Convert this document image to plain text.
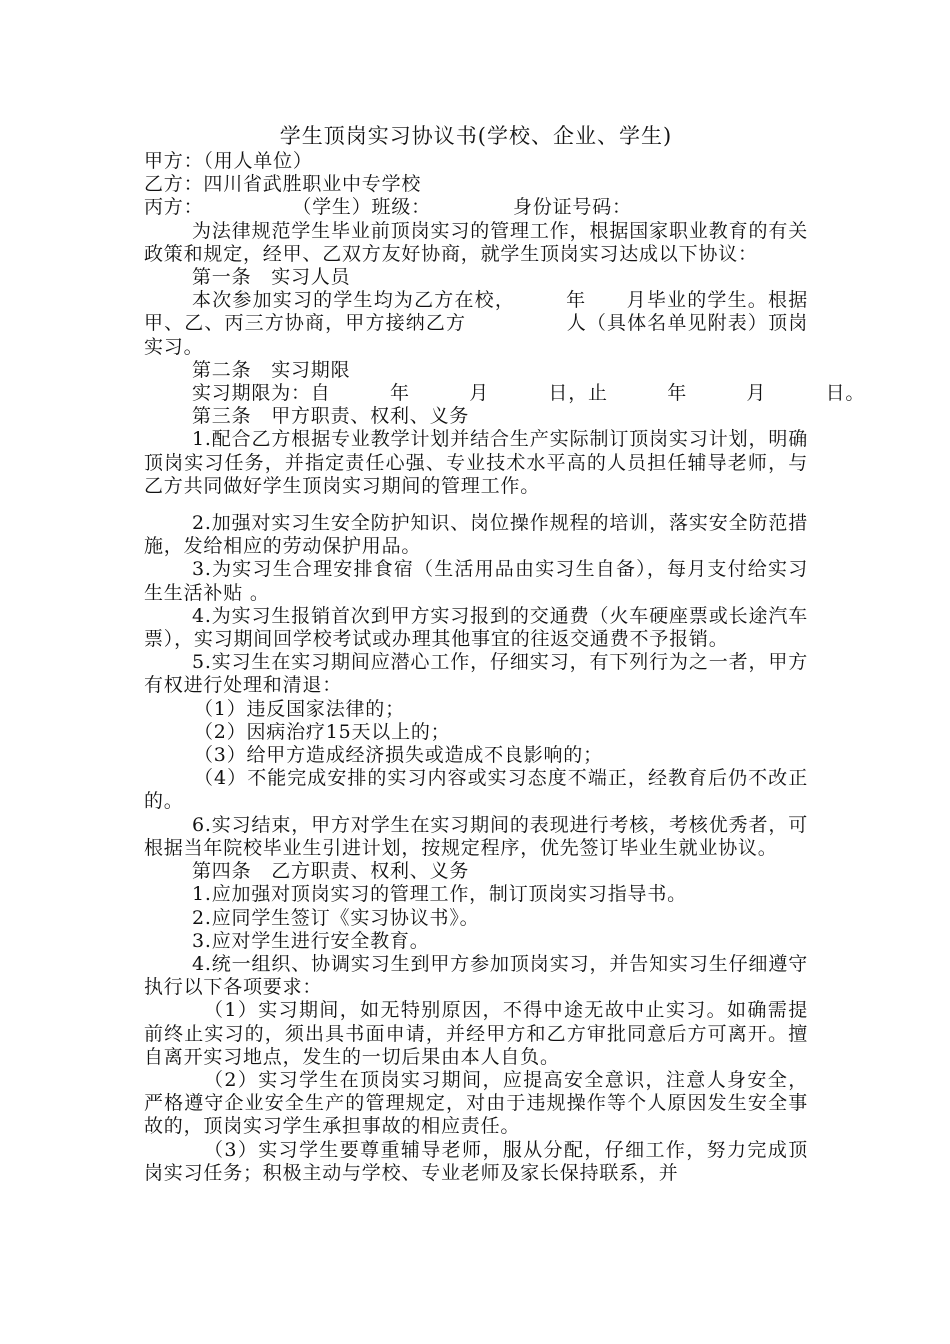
学生顶岗实习协议书(学校、企业、学生)

甲方：（用人单位）

乙方：四川省武胜职业中专学校

丙方：	（学生）班级：	身份证号码：

为法律规范学生毕业前顶岗实习的管理工作，根据国家职业教育的有关政策和规定，经甲、乙双方友好协商，就学生顶岗实习达成以下协议：

第一条　实习人员

本次参加实习的学生均为乙方在校，　　　年　　月毕业的学生。根据甲、乙、丙三方协商，甲方接纳乙方　　　　　人（具体名单见附表）顶岗实习。

第二条　实习期限

实习期限为：自　　　年　　　月　　　日，止　　　年　　　月　　　日。

第三条　甲方职责、权利、义务

1.配合乙方根据专业教学计划并结合生产实际制订顶岗实习计划，明确顶岗实习任务，并指定责任心强、专业技术水平高的人员担任辅导老师，与乙方共同做好学生顶岗实习期间的管理工作。

2.加强对实习生安全防护知识、岗位操作规程的培训，落实安全防范措施，发给相应的劳动保护用品。

3.为实习生合理安排食宿（生活用品由实习生自备），每月支付给实习生生活补贴 。

4.为实习生报销首次到甲方实习报到的交通费（火车硬座票或长途汽车票），实习期间回学校考试或办理其他事宜的往返交通费不予报销。

5.实习生在实习期间应潜心工作，仔细实习，有下列行为之一者，甲方有权进行处理和清退：

（1）违反国家法律的；

（2）因病治疗15天以上的；

（3）给甲方造成经济损失或造成不良影响的；

（4）不能完成安排的实习内容或实习态度不端正，经教育后仍不改正的。

6.实习结束，甲方对学生在实习期间的表现进行考核，考核优秀者，可根据当年院校毕业生引进计划，按规定程序，优先签订毕业生就业协议。

第四条　乙方职责、权利、义务

1.应加强对顶岗实习的管理工作，制订顶岗实习指导书。

2.应同学生签订《实习协议书》。

3.应对学生进行安全教育。

4.统一组织、协调实习生到甲方参加顶岗实习，并告知实习生仔细遵守执行以下各项要求：

（1）实习期间，如无特别原因，不得中途无故中止实习。如确需提前终止实习的，须出具书面申请，并经甲方和乙方审批同意后方可离开。擅自离开实习地点，发生的一切后果由本人自负。

（2）实习学生在顶岗实习期间，应提高安全意识，注意人身安全，严格遵守企业安全生产的管理规定，对由于违规操作等个人原因发生安全事故的，顶岗实习学生承担事故的相应责任。

（3）实习学生要尊重辅导老师，服从分配，仔细工作，努力完成顶岗实习任务；积极主动与学校、专业老师及家长保持联系，并
